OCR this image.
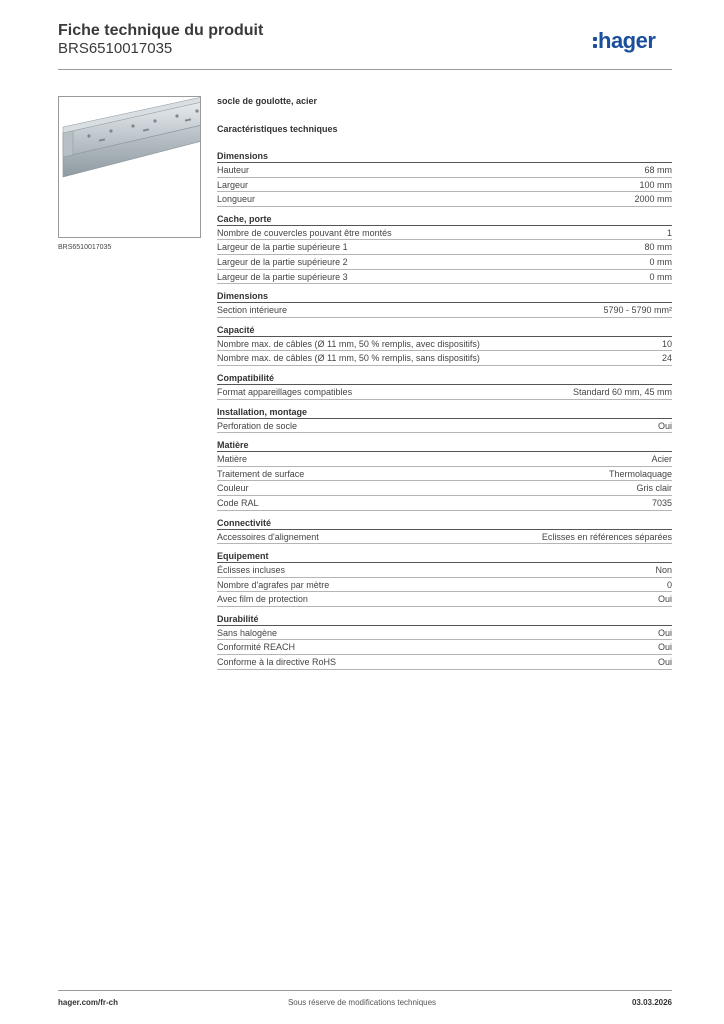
Fiche technique du produit
BRS6510017035	hager
BRS6510017035
socle de goulotte, acier
Caractéristiques techniques
Dimensions
Hauteur	68 mm
Largeur	100 mm
Longueur	2000 mm
Cache, porte
Nombre de couvercles pouvant être montés	1
Largeur de la partie supérieure 1	80 mm
Largeur de la partie supérieure 2	0 mm
Largeur de la partie supérieure 3	0 mm
Dimensions
Section intérieure	5790 - 5790 mm²
Capacité
Nombre max. de câbles (Ø 11 mm, 50 % remplis, avec dispositifs)	10
Nombre max. de câbles (Ø 11 mm, 50 % remplis, sans dispositifs)	24
Compatibilité
Format appareillages compatibles	Standard 60 mm, 45 mm
Installation, montage
Perforation de socle	Oui
Matière
Matière	Acier
Traitement de surface	Thermolaquage
Couleur	Gris clair
Code RAL	7035
Connectivité
Accessoires d'alignement	Eclisses en références séparées
Equipement
Éclisses incluses	Non
Nombre d'agrafes par mètre	0
Avec film de protection	Oui
Durabilité
Sans halogène	Oui
Conformité REACH	Oui
Conforme à la directive RoHS	Oui
hager.com/fr-ch	Sous réserve de modifications techniques	03.03.2026
